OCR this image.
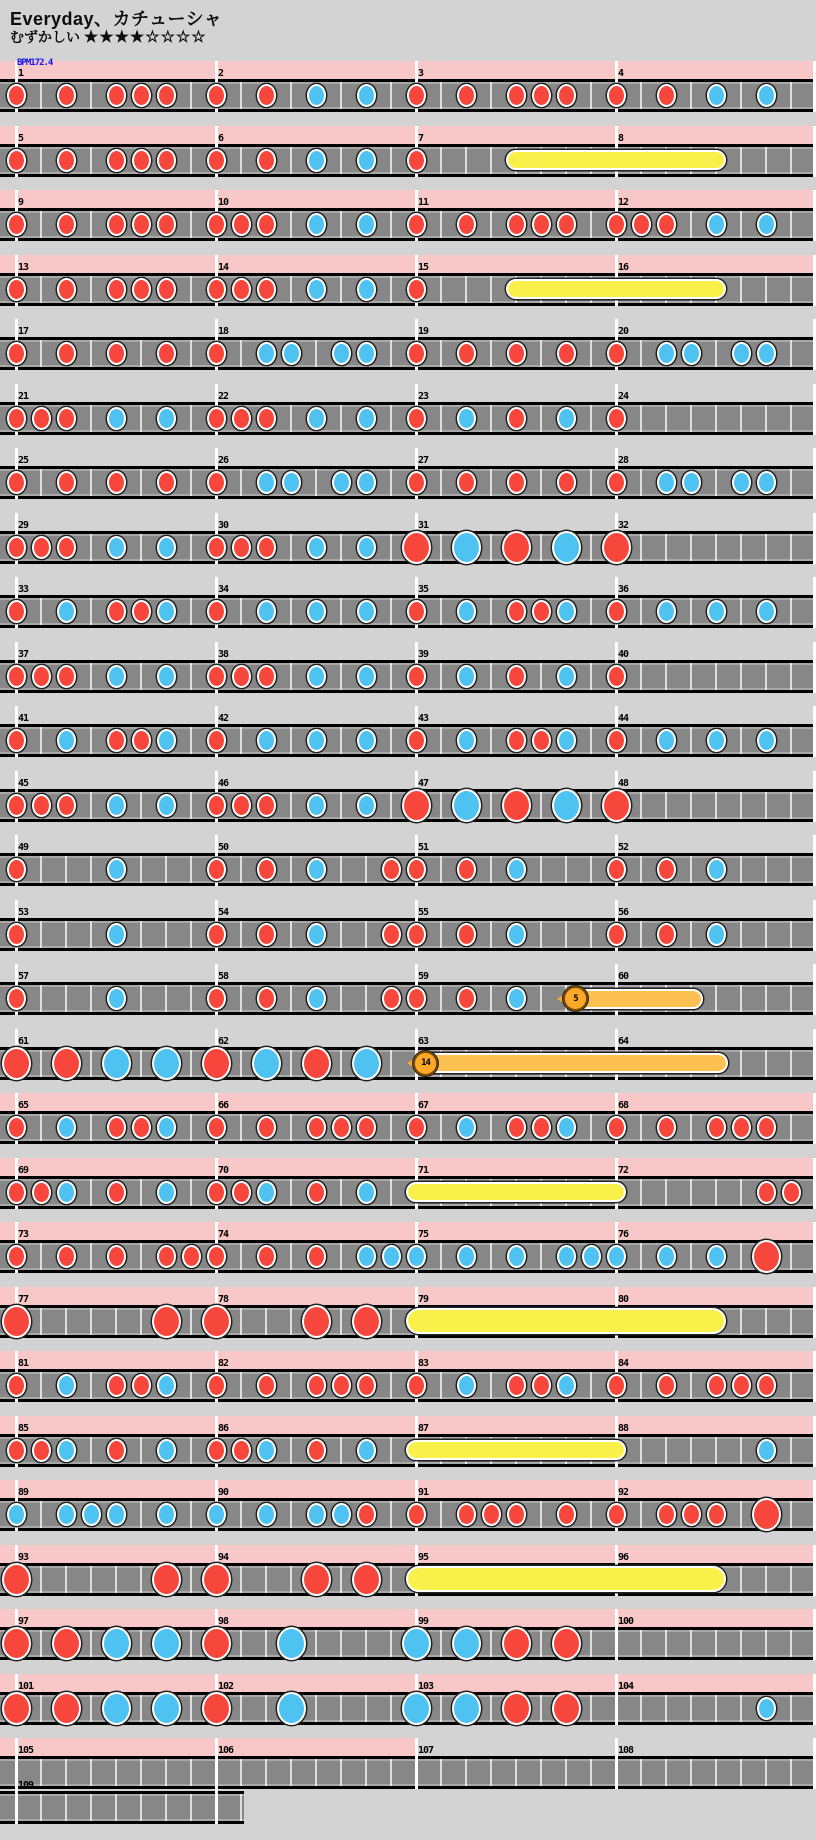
Everyday、カチューシャ
むずかしい ★★★★☆☆☆☆
1	2	3	4
BPM172.4
5	6	7	8
9	10	11	12
13	14	15	16
17	18	19	20
21	22	23	24
25	26	27	28
29	30	31	32
33	34	35	36
37	38	39	40
41	42	43	44
45	46	47	48
49	50	51	52
53	54	55	56
57	58	59	60
5
61	62	63	64
14
65	66	67	68
69	70	71	72
73	74	75	76
77	78	79	80
81	82	83	84
85	86	87	88
89	90	91	92
93	94	95	96
97	98	99	100
101	102	103	104
105	106	107	108
109
